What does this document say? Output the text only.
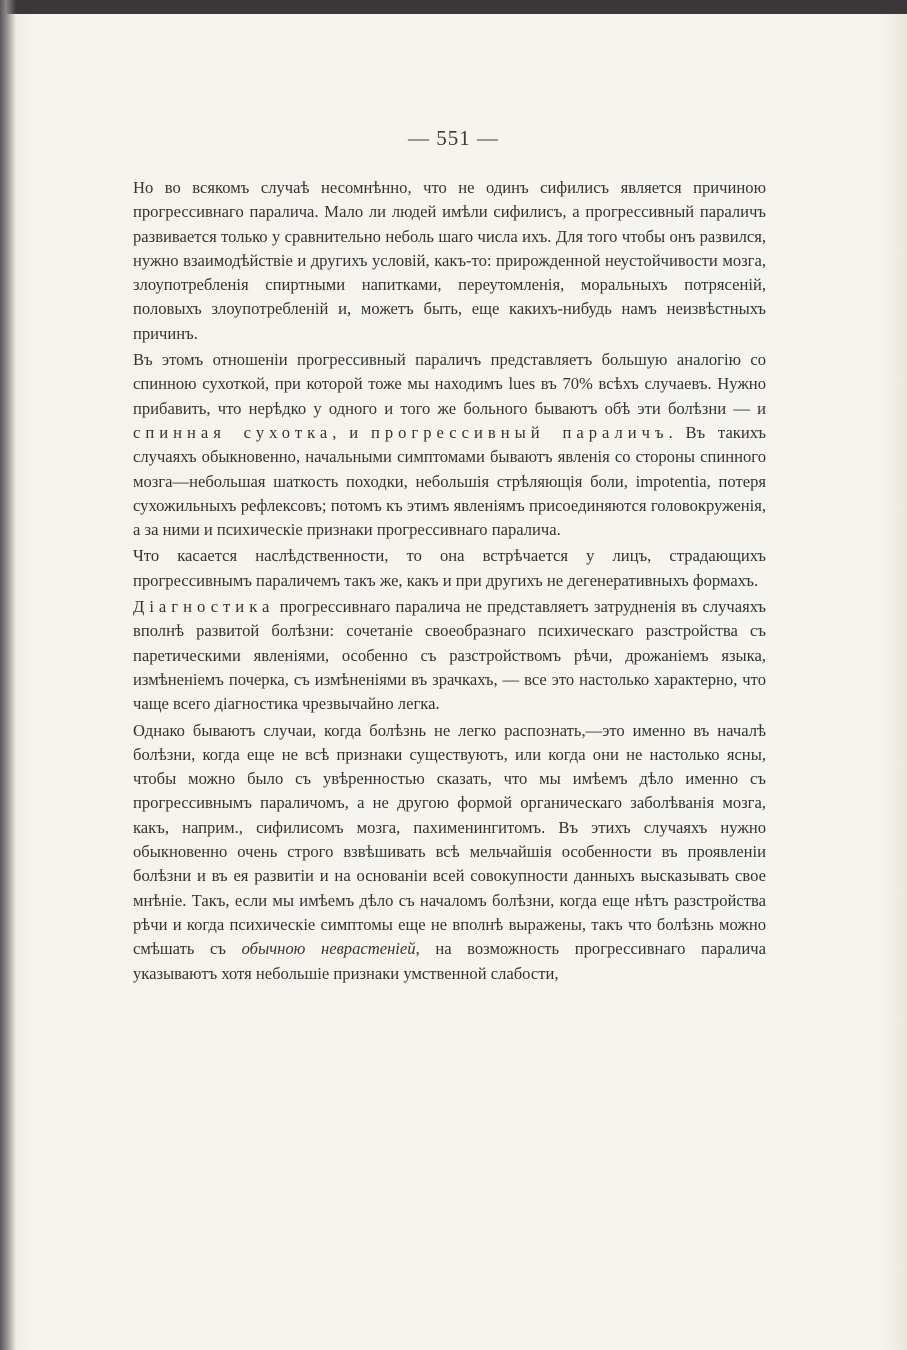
— 551 —

Но во всякомъ случаѣ несомнѣнно, что не одинъ сифилисъ является причиною прогрессивнаго паралича. Мало ли людей имѣли сифилисъ, а прогрессивный параличъ развивается только у сравнительно неболь шаго числа ихъ. Для того чтобы онъ развился, нужно взаимодѣйствіе и другихъ условій, какъ-то: прирожденной неустойчивости мозга, злоупотребленія спиртными напитками, переутомленія, моральныхъ потрясеній, половыхъ злоупотребленій и, можетъ быть, еще какихъ-нибудь намъ неизвѣстныхъ причинъ.

Въ этомъ отношеніи прогрессивный параличъ представляетъ большую аналогію со спинною сухоткой, при которой тоже мы находимъ lues въ 70% всѣхъ случаевъ. Нужно прибавить, что нерѣдко у одного и того же больного бываютъ обѣ эти болѣзни — и спинная сухотка, и прогрессивный параличъ. Въ такихъ случаяхъ обыкновенно, начальными симптомами бываютъ явленія со стороны спинного мозга—небольшая шаткость походки, небольшія стрѣляющія боли, impotentia, потеря сухожильныхъ рефлексовъ; потомъ къ этимъ явленіямъ присоединяются головокруженія, а за ними и психическіе признаки прогрессивнаго паралича.

Что касается наслѣдственности, то она встрѣчается у лицъ, страдающихъ прогрессивнымъ параличемъ такъ же, какъ и при другихъ не дегенеративныхъ формахъ.

Діагностика прогрессивнаго паралича не представляетъ затрудненія въ случаяхъ вполнѣ развитой болѣзни: сочетаніе своеобразнаго психическаго разстройства съ паретическими явленіями, особенно съ разстройствомъ рѣчи, дрожаніемъ языка, измѣненіемъ почерка, съ измѣненіями въ зрачкахъ, — все это настолько характерно, что чаще всего діагностика чрезвычайно легка.

Однако бываютъ случаи, когда болѣзнь не легко распознать,—это именно въ началѣ болѣзни, когда еще не всѣ признаки существуютъ, или когда они не настолько ясны, чтобы можно было съ увѣренностью сказать, что мы имѣемъ дѣло именно съ прогрессивнымъ параличомъ, а не другою формой органическаго заболѣванія мозга, какъ, наприм., сифилисомъ мозга, пахименингитомъ. Въ этихъ случаяхъ нужно обыкновенно очень строго взвѣшивать всѣ мельчайшія особенности въ проявленіи болѣзни и въ ея развитіи и на основаніи всей совокупности данныхъ высказывать свое мнѣніе. Такъ, если мы имѣемъ дѣло съ началомъ болѣзни, когда еще нѣтъ разстройства рѣчи и когда психическіе симптомы еще не вполнѣ выражены, такъ что болѣзнь можно смѣшать съ обычною неврастеніей, на возможность прогрессивнаго паралича указываютъ хотя небольшіе признаки умственной слабости,
